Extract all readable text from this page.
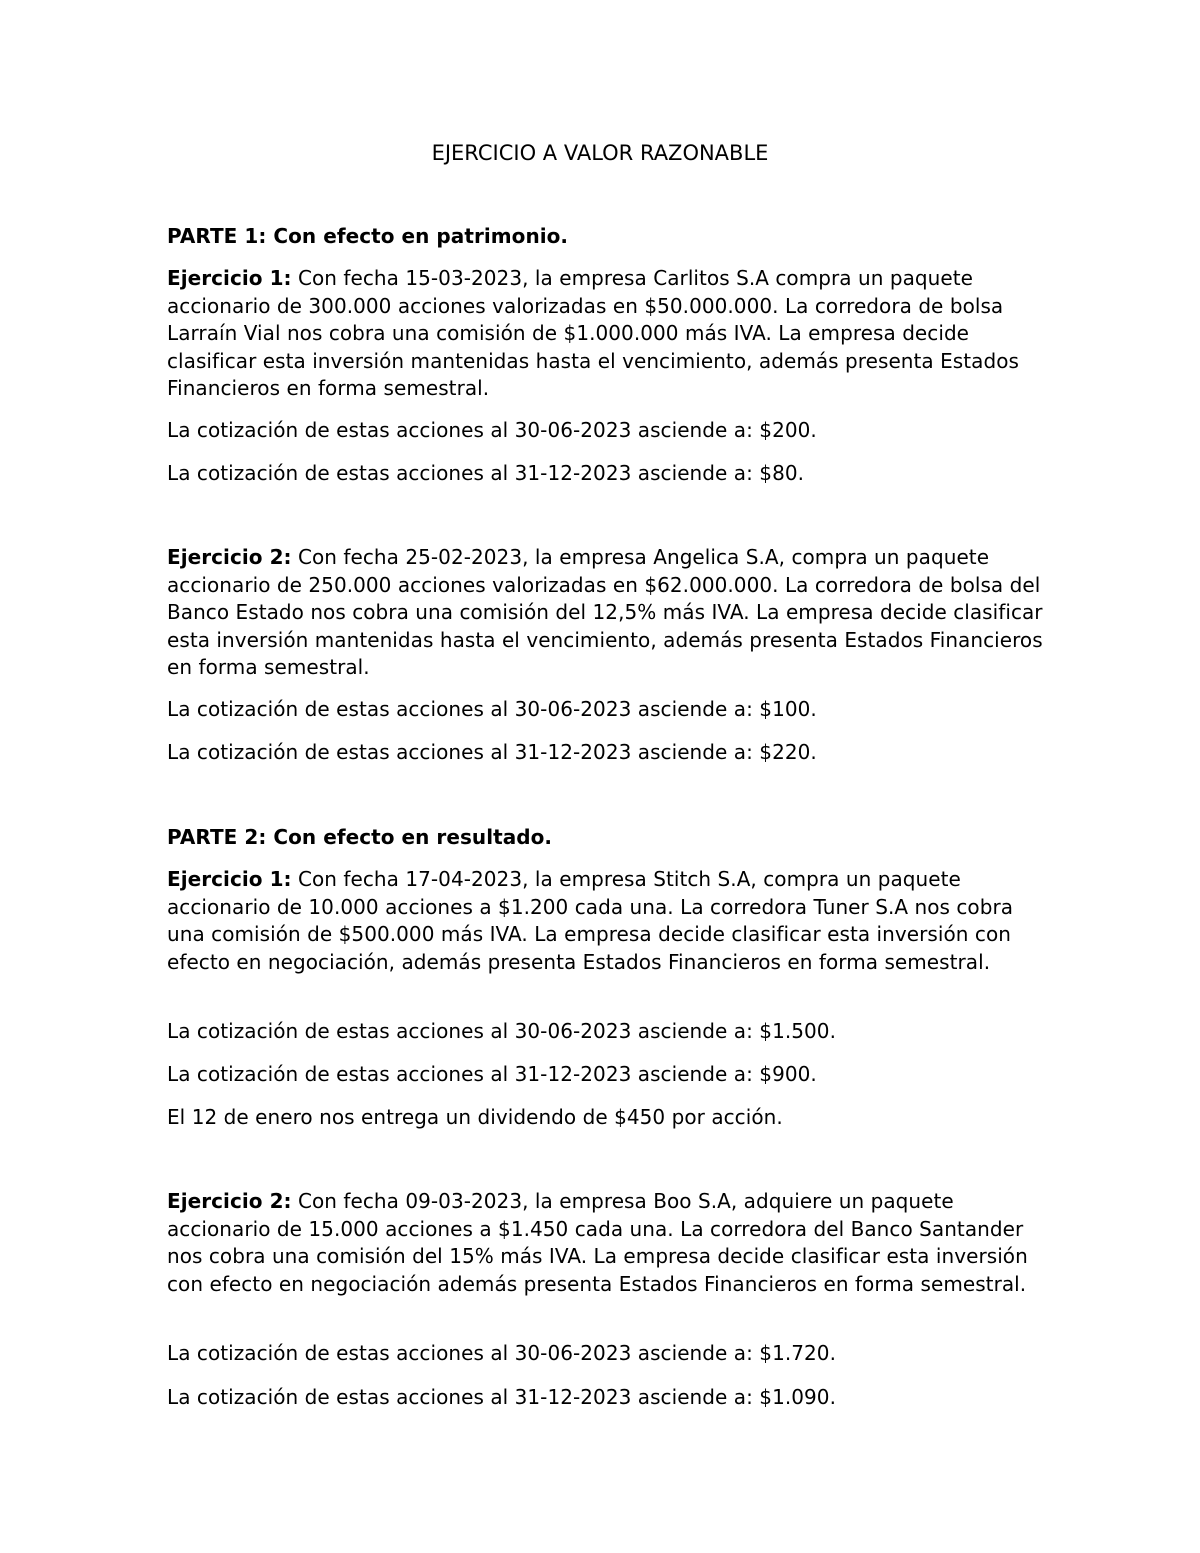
EJERCICIO A VALOR RAZONABLE

PARTE 1: Con efecto en patrimonio.

Ejercicio 1: Con fecha 15-03-2023, la empresa Carlitos S.A compra un paquete accionario de 300.000 acciones valorizadas en $50.000.000. La corredora de bolsa Larraín Vial nos cobra una comisión de $1.000.000 más IVA. La empresa decide clasificar esta inversión mantenidas hasta el vencimiento, además presenta Estados Financieros en forma semestral.

La cotización de estas acciones al 30-06-2023 asciende a: $200.

La cotización de estas acciones al 31-12-2023 asciende a: $80.

Ejercicio 2: Con fecha 25-02-2023, la empresa Angelica S.A, compra un paquete accionario de 250.000 acciones valorizadas en $62.000.000. La corredora de bolsa del Banco Estado nos cobra una comisión del 12,5% más IVA. La empresa decide clasificar esta inversión mantenidas hasta el vencimiento, además presenta Estados Financieros en forma semestral.

La cotización de estas acciones al 30-06-2023 asciende a: $100.

La cotización de estas acciones al 31-12-2023 asciende a: $220.

PARTE 2: Con efecto en resultado.

Ejercicio 1: Con fecha 17-04-2023, la empresa Stitch S.A, compra un paquete accionario de 10.000 acciones a $1.200 cada una. La corredora Tuner S.A nos cobra una comisión de $500.000 más IVA. La empresa decide clasificar esta inversión con efecto en negociación, además presenta Estados Financieros en forma semestral.

La cotización de estas acciones al 30-06-2023 asciende a: $1.500.

La cotización de estas acciones al 31-12-2023 asciende a: $900.

El 12 de enero nos entrega un dividendo de $450 por acción.

Ejercicio 2: Con fecha 09-03-2023, la empresa Boo S.A, adquiere un paquete accionario de 15.000 acciones a $1.450 cada una. La corredora del Banco Santander nos cobra una comisión del 15% más IVA. La empresa decide clasificar esta inversión con efecto en negociación además presenta Estados Financieros en forma semestral.

La cotización de estas acciones al 30-06-2023 asciende a: $1.720.

La cotización de estas acciones al 31-12-2023 asciende a: $1.090.
